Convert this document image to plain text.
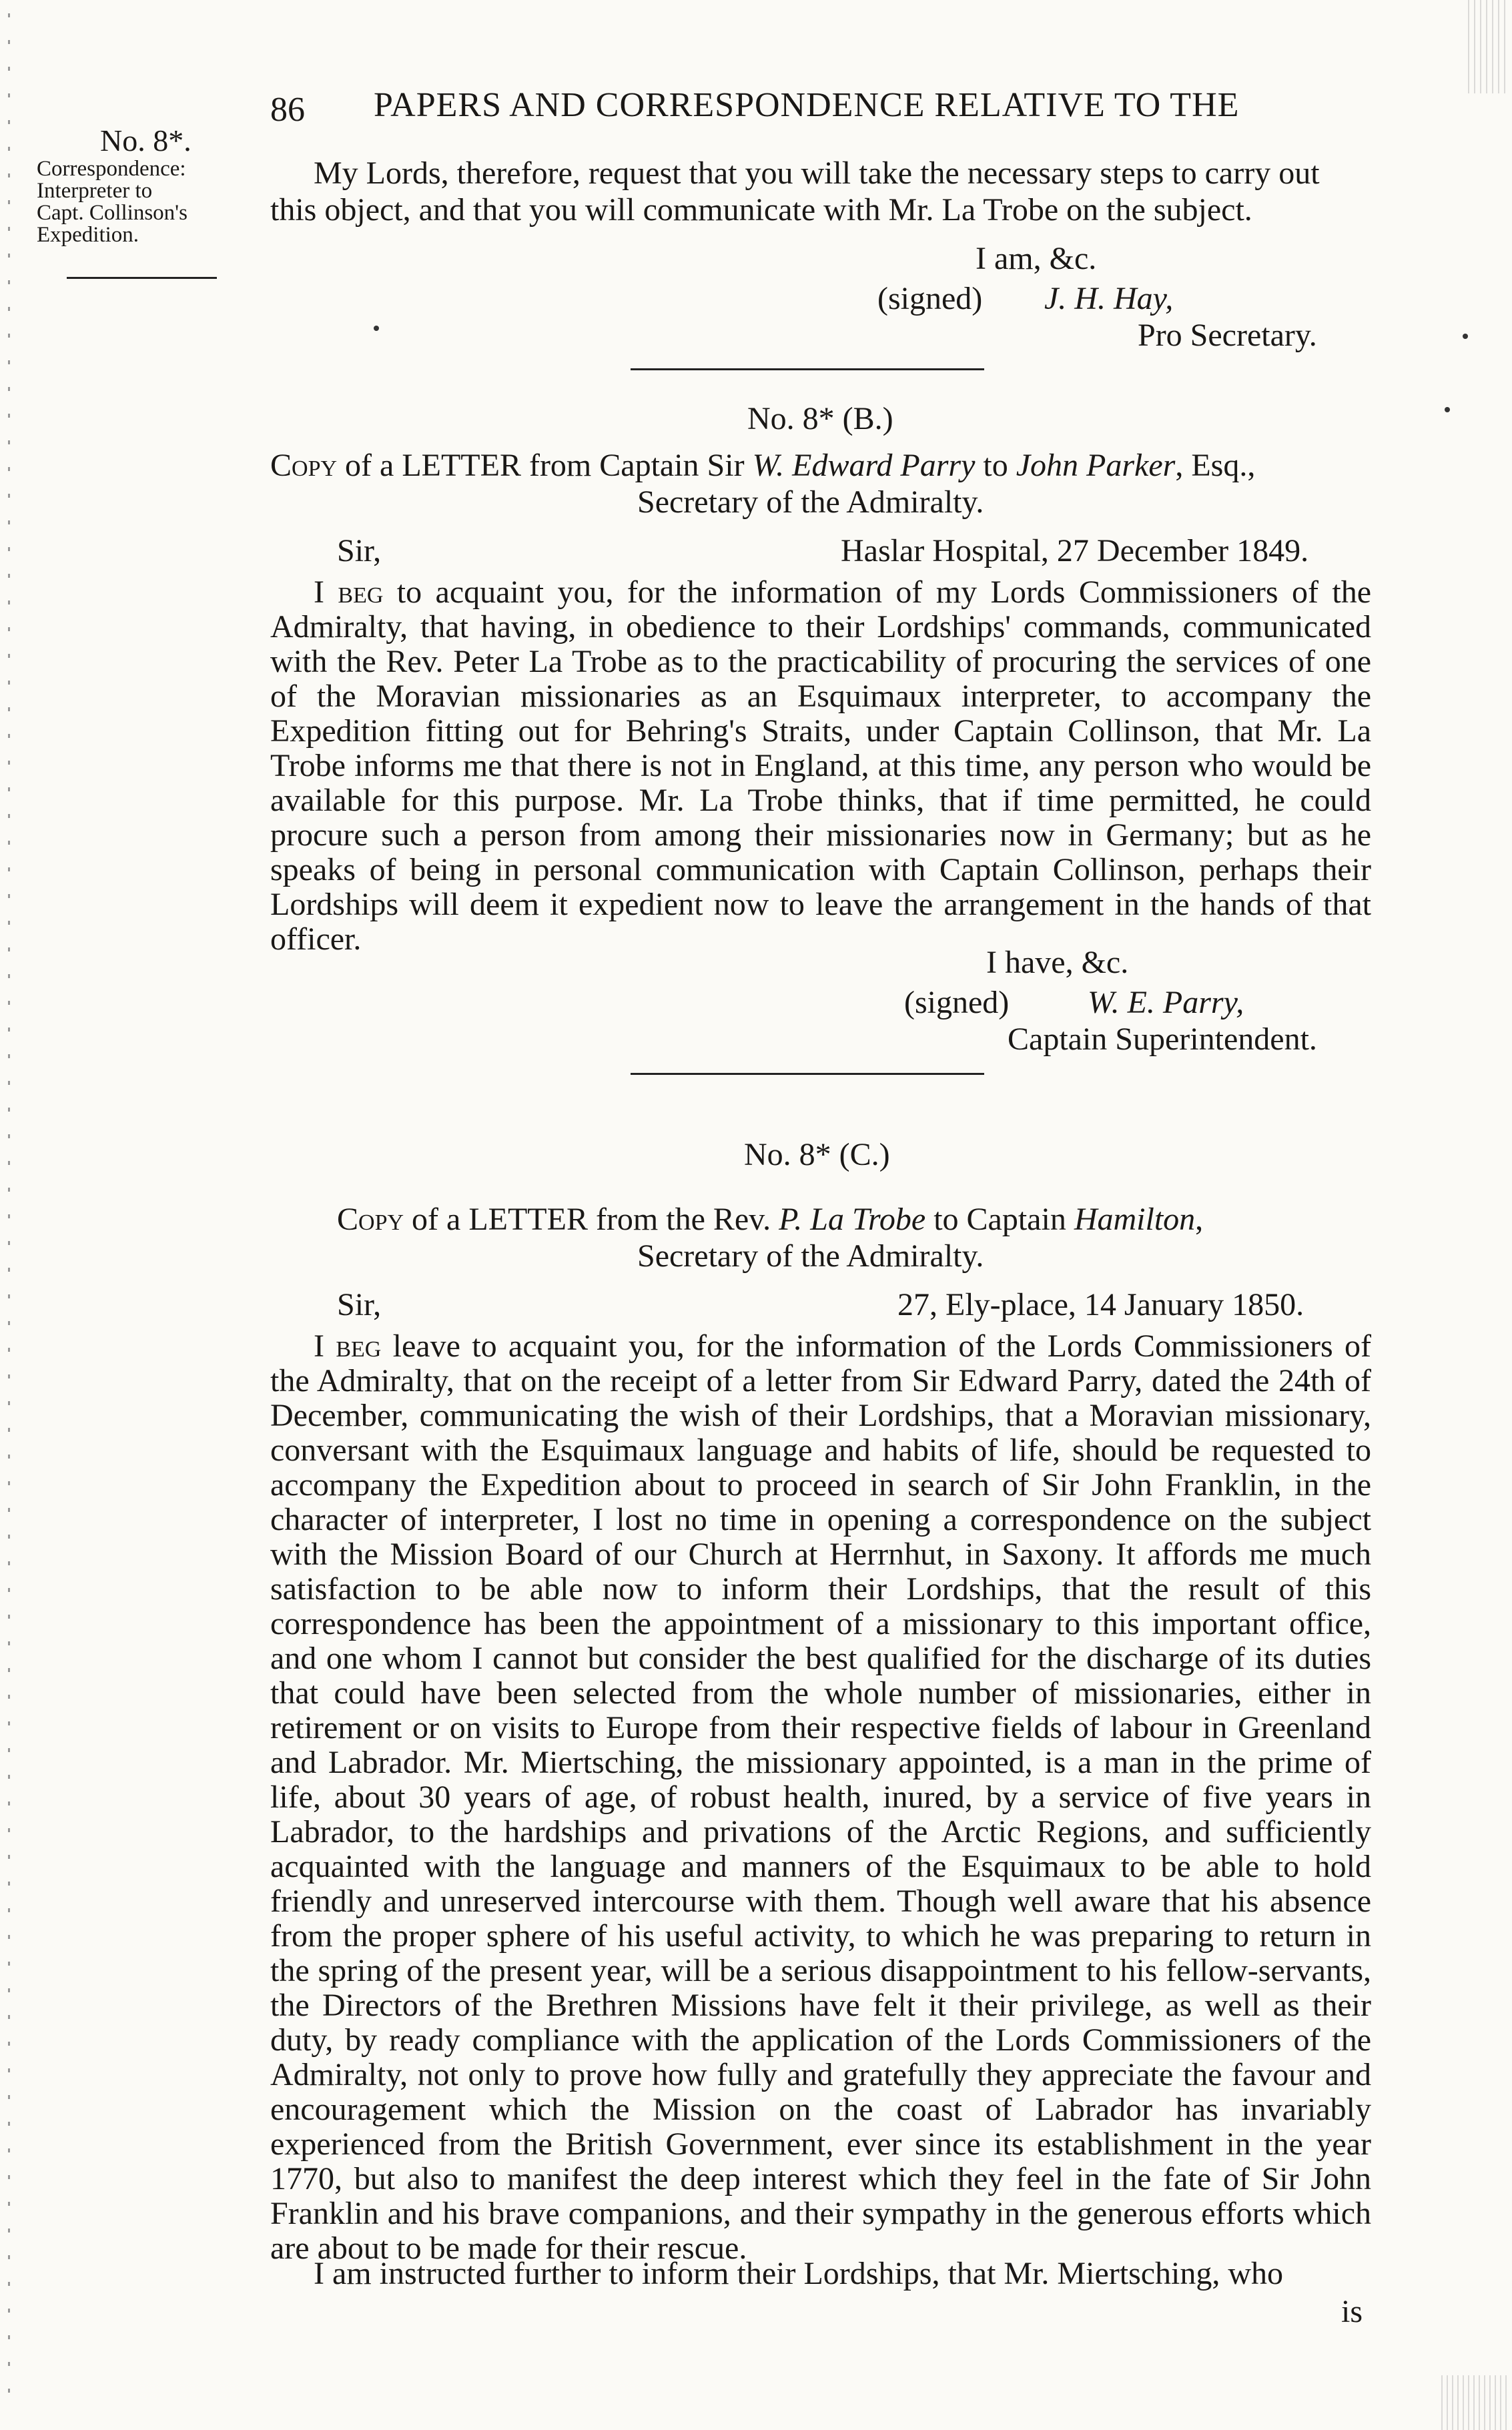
86 PAPERS AND CORRESPONDENCE RELATIVE TO THE
No. 8*.
Correspondence:
Interpreter to
Capt. Collinson's
Expedition.
My Lords, therefore, request that you will take the necessary steps to carry out
this object, and that you will communicate with Mr. La Trobe on the subject.
I am, &c.
(signed) J. H. Hay,
Pro Secretary.
No. 8* (B.)
Copy of a LETTER from Captain Sir W. Edward Parry to John Parker, Esq.,
Secretary of the Admiralty.
Sir,	Haslar Hospital, 27 December 1849.
I beg to acquaint you, for the information of my Lords Commissioners of the Admiralty, that having, in obedience to their Lordships' commands, communicated with the Rev. Peter La Trobe as to the practicability of procuring the services of one of the Moravian missionaries as an Esquimaux interpreter, to accompany the Expedition fitting out for Behring's Straits, under Captain Collinson, that Mr. La Trobe informs me that there is not in England, at this time, any person who would be available for this purpose. Mr. La Trobe thinks, that if time permitted, he could procure such a person from among their missionaries now in Germany; but as he speaks of being in personal communication with Captain Collinson, perhaps their Lordships will deem it expedient now to leave the arrangement in the hands of that officer.
I have, &c.
(signed) W. E. Parry,
Captain Superintendent.
No. 8* (C.)
Copy of a LETTER from the Rev. P. La Trobe to Captain Hamilton,
Secretary of the Admiralty.
Sir,	27, Ely-place, 14 January 1850.
I beg leave to acquaint you, for the information of the Lords Commissioners of the Admiralty, that on the receipt of a letter from Sir Edward Parry, dated the 24th of December, communicating the wish of their Lordships, that a Moravian missionary, conversant with the Esquimaux language and habits of life, should be requested to accompany the Expedition about to proceed in search of Sir John Franklin, in the character of interpreter, I lost no time in opening a correspondence on the subject with the Mission Board of our Church at Herrnhut, in Saxony. It affords me much satisfaction to be able now to inform their Lordships, that the result of this correspondence has been the appointment of a missionary to this important office, and one whom I cannot but consider the best qualified for the discharge of its duties that could have been selected from the whole number of missionaries, either in retirement or on visits to Europe from their respective fields of labour in Greenland and Labrador. Mr. Miertsching, the missionary appointed, is a man in the prime of life, about 30 years of age, of robust health, inured, by a service of five years in Labrador, to the hardships and privations of the Arctic Regions, and sufficiently acquainted with the language and manners of the Esquimaux to be able to hold friendly and unreserved intercourse with them. Though well aware that his absence from the proper sphere of his useful activity, to which he was preparing to return in the spring of the present year, will be a serious disappointment to his fellow-servants, the Directors of the Brethren Missions have felt it their privilege, as well as their duty, by ready compliance with the application of the Lords Commissioners of the Admiralty, not only to prove how fully and gratefully they appreciate the favour and encouragement which the Mission on the coast of Labrador has invariably experienced from the British Government, ever since its establishment in the year 1770, but also to manifest the deep interest which they feel in the fate of Sir John Franklin and his brave companions, and their sympathy in the generous efforts which are about to be made for their rescue.
I am instructed further to inform their Lordships, that Mr. Miertsching, who
is
